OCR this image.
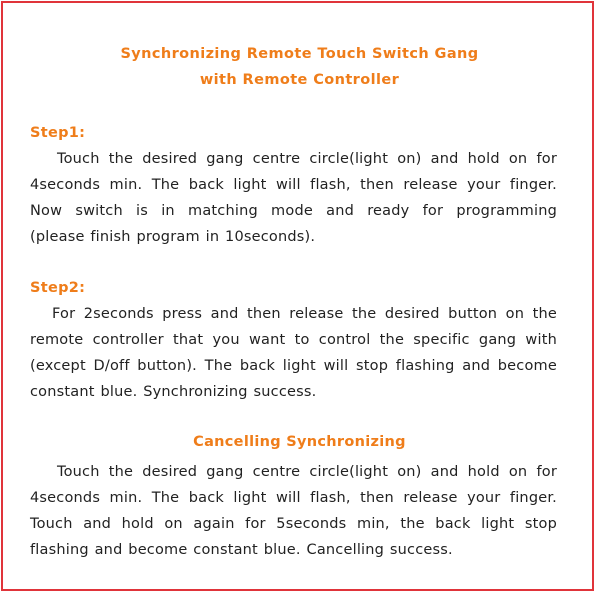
Synchronizing Remote Touch Switch Gang
with Remote Controller
Step1:
Touch the desired gang centre circle(light on) and hold on for
4seconds min. The back light will flash, then release your finger.
Now switch is in matching mode and ready for programming
(please finish program in 10seconds).
Step2:
For 2seconds press and then release the desired button on the
remote controller that you want to control the specific gang with
(except D/off button). The back light will stop flashing and become
constant blue. Synchronizing success.
Cancelling Synchronizing
Touch the desired gang centre circle(light on) and hold on for
4seconds min. The back light will flash, then release your finger.
Touch and hold on again for 5seconds min, the back light stop
flashing and become constant blue. Cancelling success.
